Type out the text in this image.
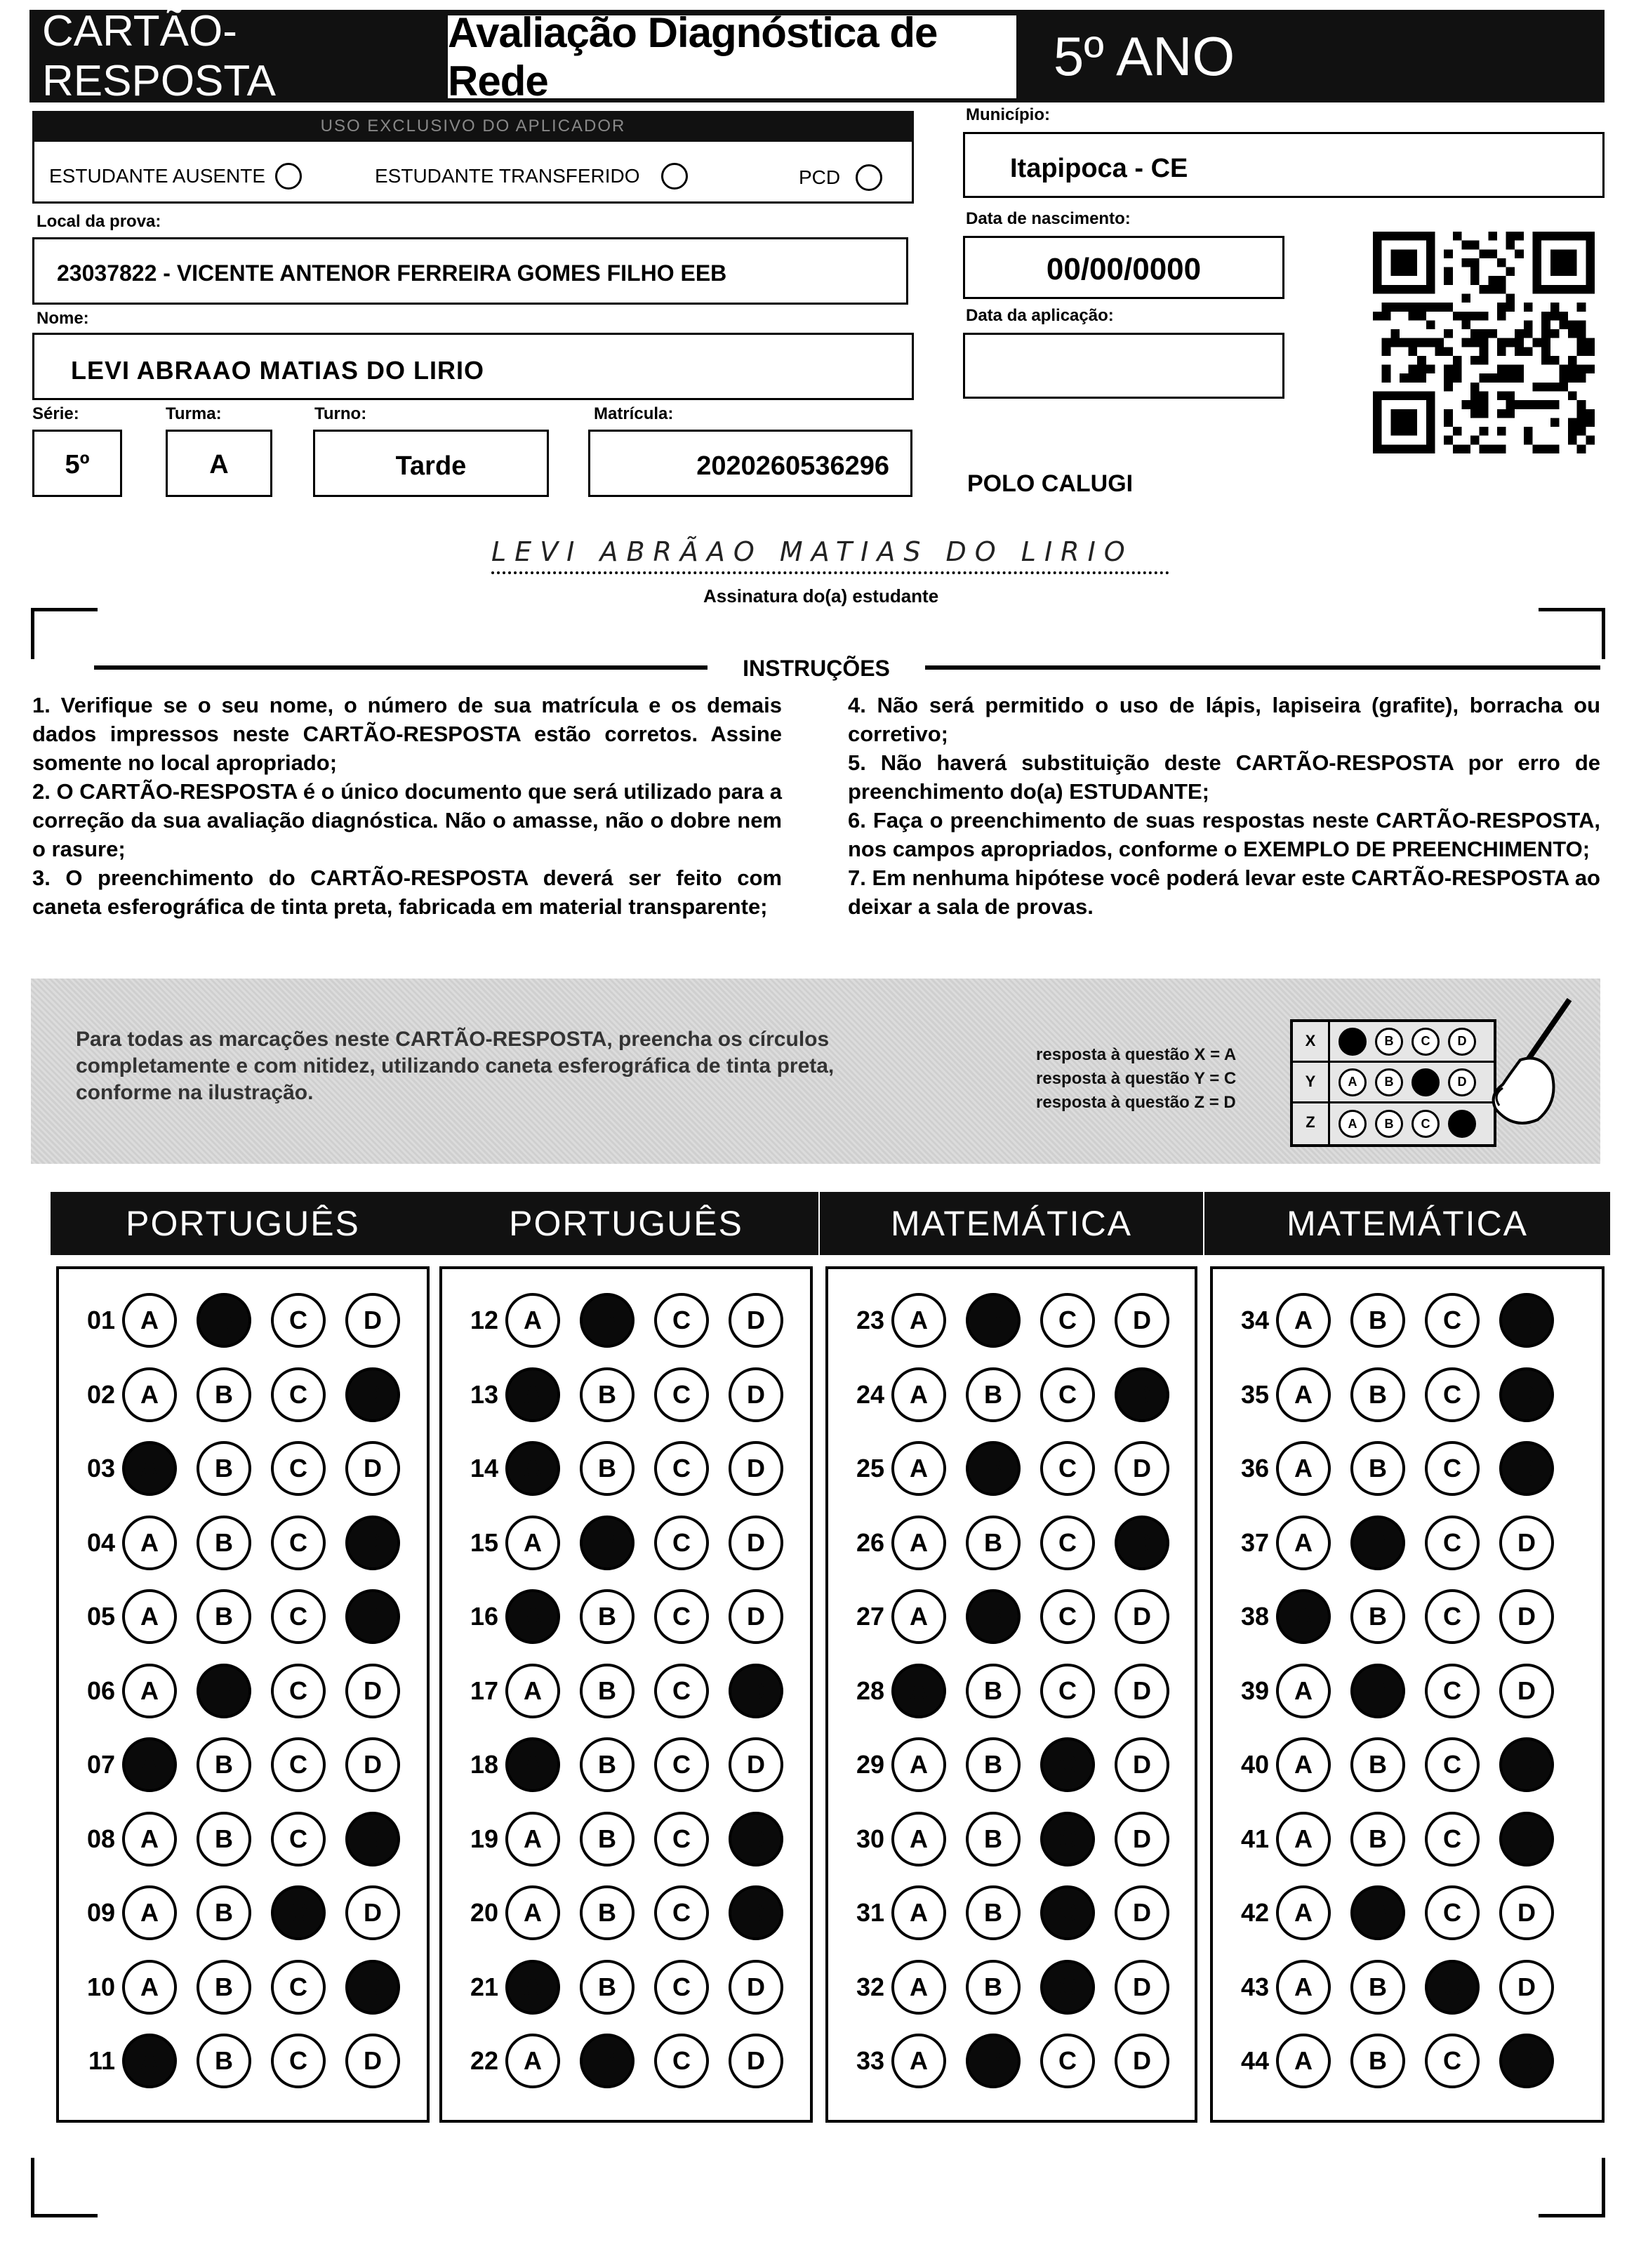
CARTÃO-RESPOSTA
Avaliação Diagnóstica de Rede	5º ANO
USO EXCLUSIVO DO APLICADOR
ESTUDANTE AUSENTE	ESTUDANTE TRANSFERIDO	PCD
Local da prova:
23037822 - VICENTE ANTENOR FERREIRA GOMES FILHO EEB
Nome:
LEVI ABRAAO MATIAS DO LIRIO
Série:
5º
Turma:
A
Turno:
Tarde
Matrícula:
2020260536296
Município:
Itapipoca - CE
Data de nascimento:
00/00/0000
Data da aplicação:
POLO CALUGI
LEVI ABRÃAO MATIAS DO LIRIO
Assinatura do(a) estudante
INSTRUÇÕES
1. Verifique se o seu nome, o número de sua matrícula e os demais dados impressos neste CARTÃO-RESPOSTA estão corretos. Assine somente no local apropriado;
2. O CARTÃO-RESPOSTA é o único documento que será utilizado para a correção da sua avaliação diagnóstica. Não o amasse, não o dobre nem o rasure;
3. O preenchimento do CARTÃO-RESPOSTA deverá ser feito com caneta esferográfica de tinta preta, fabricada em material transparente;
4. Não será permitido o uso de lápis, lapiseira (grafite), borracha ou corretivo;
5. Não haverá substituição deste CARTÃO-RESPOSTA por erro de preenchimento do(a) ESTUDANTE;
6. Faça o preenchimento de suas respostas neste CARTÃO-RESPOSTA, nos campos apropriados, conforme o EXEMPLO DE PREENCHIMENTO;
7. Em nenhuma hipótese você poderá levar este CARTÃO-RESPOSTA ao deixar a sala de provas.
Para todas as marcações neste CARTÃO-RESPOSTA, preencha os círculos completamente e com nitidez, utilizando caneta esferográfica de tinta preta, conforme na ilustração.
resposta à questão X = A
resposta à questão Y = C
resposta à questão Z = D
X	A	B	C	D
Y	A	B	C	D
Z	A	B	C	D
PORTUGUÊS
01	A	B	C	D
02	A	B	C	D
03	A	B	C	D
04	A	B	C	D
05	A	B	C	D
06	A	B	C	D
07	A	B	C	D
08	A	B	C	D
09	A	B	C	D
10	A	B	C	D
11	A	B	C	D
PORTUGUÊS
12	A	B	C	D
13	A	B	C	D
14	A	B	C	D
15	A	B	C	D
16	A	B	C	D
17	A	B	C	D
18	A	B	C	D
19	A	B	C	D
20	A	B	C	D
21	A	B	C	D
22	A	B	C	D
MATEMÁTICA
23	A	B	C	D
24	A	B	C	D
25	A	B	C	D
26	A	B	C	D
27	A	B	C	D
28	A	B	C	D
29	A	B	C	D
30	A	B	C	D
31	A	B	C	D
32	A	B	C	D
33	A	B	C	D
MATEMÁTICA
34	A	B	C	D
35	A	B	C	D
36	A	B	C	D
37	A	B	C	D
38	A	B	C	D
39	A	B	C	D
40	A	B	C	D
41	A	B	C	D
42	A	B	C	D
43	A	B	C	D
44	A	B	C	D
